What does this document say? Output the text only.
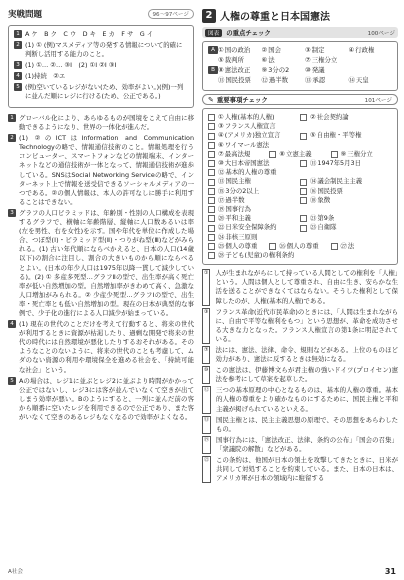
実戦問題	96～97ページ
1 A ケ　B ク　C ウ　D キ　E カ　F サ　G イ
2 (1) ① (例)マスメディア等の発する情報について的確に判断し活用する能力のこと。
3 (1) ①… ②… ③Ⅰ　(2) ①Ⅰ ②Ⅰ ③Ⅰ
4 (1)持続　②エ
5 (例)空いているレジがない(ため、効率がよい。)(例)一列に並んだ順にレジに行ける(ため、公正である。)
1 グローバル化により、あらゆるものが国境をこえて自由に移動できるようになり、世界の一体化が進んだ。
2 (1) ②のICTはInformation and Communication Technologyの略で、情報通信技術のこと。情報処理を行うコンピューター、スマートフォンなどの情報端末、インターネットなどの通信技術が一体となって、情報通信技術が進歩している。SNSはSocial Networking Serviceの略で、インターネット上で情報を送受信できるソーシャルメディアの一つである。②の個人情報は、本人の許可なしに勝手に利用することはできない。
3 グラフの人口ピラミッドは、年齢別・性別の人口構成を表現するグラフで、横軸に年齢階層、縦軸に人口数あるいは率(左を男性、右を女性)を示す。国や年代を単位に作成した場合、つぼ型(Ⅰ)・ピラミッド型(Ⅱ)・つりがね型(Ⅲ)などがみられる。(1) 古い年代順にならべかえると、日本の人口(14歳以下)の割合に注目し、割合の大きいものから順にならべるとよい。(日本の年少人口は1975年以降一貫して減少している)。(2) ① 多産多死型…グラフⅡの型で、出生率が高く死亡率が低い自然増加の型。自然増加率がきわめて高く、急激な人口増加がみられる。② 少産少死型…グラフⅠの型で、出生率・死亡率とも低い自然増加の型。現在の日本が典型的な事例で、少子化の進行による人口減少が始まっている。
4 (1) 現在の世代のことだけを考えて行動すると、将来の世代が利用するときに資源が枯渇したり、過剰な開発で将来の世代の時代には自然環境が悪化したりするおそれがある。そのようなことのないように、将来の世代のことも考慮して、ムダのない資源の利用や環境保全を進める社会を、「持続可能な社会」という。
5 Aの場合は、レジ1に並ぶとレジ2に並ぶより時間がかかって公正ではないし、レジ3には客が並んでいなくて空きが出てしまう効率が悪い。Bのようにすると、一列に並んだ前の客から順番に空いたレジを利用できるので公正であり、また客がいなくて空きのあるレジもなくなるので効率がよくなる。
2 人権の尊重と日本国憲法
図表	の重点チェック	100ページ
A ① 国の政治 ② 国会	③ 制定	④ 行政権
⑤ 裁判所	⑥ 法	⑦ 三権分立
B ⑧ 憲法改正 ⑨ 3分の2 ⑩ 発議
⑪ 国民投票 ⑫ 過半数	⑬ 承認	⑭ 天皇
✎ 重要事項チェック	101ページ
① 人権(基本的人権)	② 社会契約論
③ フランス人権宣言
④ (アメリカ)独立宣言	⑤ 自由権・平等権
⑥ ワイマール憲法
⑦ 最高法規	⑧ 立憲主義	⑨ 三権分立
⑩ 大日本帝国憲法	⑪ 1947年5月3日
⑫ 基本的人権の尊重
⑬ 国民主権	⑭ 議会制民主主義
⑮ 3分の2以上	⑯ 国民投票
⑰ 過半数	⑱ 象徴
⑲ 国事行為
⑳ 平和主義	㉑ 第9条
㉒ 日米安全保障条約	㉓ 自衛隊
㉔ 非核三原則
㉕ 個人の尊重	㉖ 個人の尊重	㉗ 法
㉘ 子ども(児童)の権利条約
①	人が生まれながらにして持っている人間としての権利を「人権」という。人間は個人として尊重され、自由に生き、安らかな生活を送ることができなくてはならない。そうした権利として保障したのが、人権(基本的人権)である。
③	フランス革命(近代市民革命)のときには、「人間は生まれながらに、自由で平等な権利をもつ」という思想が、革命を成功させる大きな力となった。フランス人権宣言の第1条に明記されている。
⑦	法には、憲法、法律、命令、規則などがある。上位のものほど効力があり、憲法に反するときは無効になる。
⑩	この憲法は、伊藤博文らが君主権の強いドイツ(プロイセン)憲法を参考にして草案を起草した。
⑫	三つの基本原理の中心となるものは、基本的人権の尊重。基本的人権の尊重をより確かなものにするために、国民主権と平和主義が掲げられているといえる。
⑬	国民主権とは、民主主義思想の原理で、その思想をあらわしたもの。
⑲	国事行為には、「憲法改正、法律、条約の公布」「国会の召集」「衆議院の解散」などがある。
㉒	この条約は、他国が日本の領土を攻撃してきたときに、日米が共同して対処することを約束している。また、日本の日本は、アメリカ軍が日本の領域内に駐留する
A社会	31
